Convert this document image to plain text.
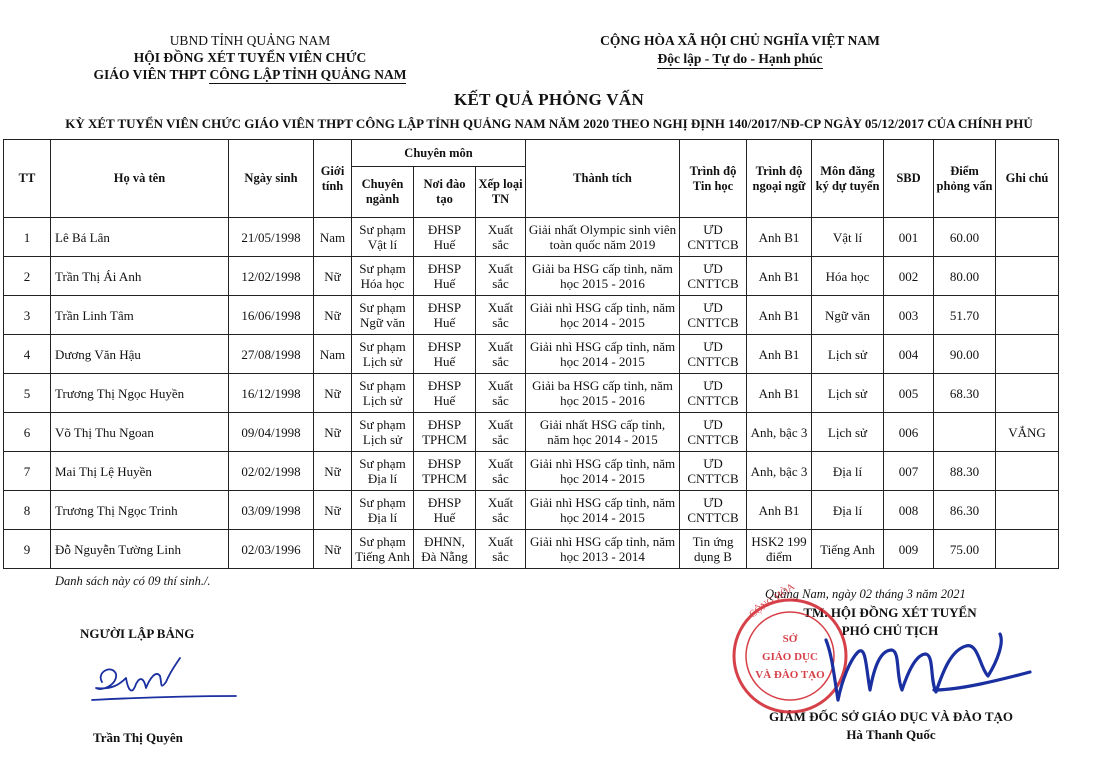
UBND TỈNH QUẢNG NAM
HỘI ĐỒNG XÉT TUYỂN VIÊN CHỨC
GIÁO VIÊN THPT CÔNG LẬP TỈNH QUẢNG NAM
CỘNG HÒA XÃ HỘI CHỦ NGHĨA VIỆT NAM
Độc lập - Tự do - Hạnh phúc
KẾT QUẢ PHỎNG VẤN
KỲ XÉT TUYỂN VIÊN CHỨC GIÁO VIÊN THPT CÔNG LẬP TỈNH QUẢNG NAM NĂM 2020 THEO NGHỊ ĐỊNH 140/2017/NĐ-CP NGÀY 05/12/2017 CỦA CHÍNH PHỦ
TT	Họ và tên	Ngày sinh	Giới tính	Chuyên môn			Thành tích	Trình độ Tin học	Trình độ ngoại ngữ	Môn đăng ký dự tuyển	SBD	Điểm phỏng vấn	Ghi chú
				Chuyên ngành	Nơi đào tạo	Xếp loại TN							
1	Lê Bá Lân	21/05/1998	Nam	Sư phạm Vật lí	ĐHSP Huế	Xuất sắc	Giải nhất Olympic sinh viên toàn quốc năm 2019	ƯD CNTTCB	Anh B1	Vật lí	001	60.00	
2	Trần Thị Ái Anh	12/02/1998	Nữ	Sư phạm Hóa học	ĐHSP Huế	Xuất sắc	Giải ba HSG cấp tỉnh, năm học 2015 - 2016	ƯD CNTTCB	Anh B1	Hóa học	002	80.00	
3	Trần Linh Tâm	16/06/1998	Nữ	Sư phạm Ngữ văn	ĐHSP Huế	Xuất sắc	Giải nhì HSG cấp tỉnh, năm học 2014 - 2015	ƯD CNTTCB	Anh B1	Ngữ văn	003	51.70	
4	Dương Văn Hậu	27/08/1998	Nam	Sư phạm Lịch sử	ĐHSP Huế	Xuất sắc	Giải nhì HSG cấp tỉnh, năm học 2014 - 2015	ƯD CNTTCB	Anh B1	Lịch sử	004	90.00	
5	Trương Thị Ngọc Huyền	16/12/1998	Nữ	Sư phạm Lịch sử	ĐHSP Huế	Xuất sắc	Giải ba HSG cấp tỉnh, năm học 2015 - 2016	ƯD CNTTCB	Anh B1	Lịch sử	005	68.30	
6	Võ Thị Thu Ngoan	09/04/1998	Nữ	Sư phạm Lịch sử	ĐHSP TPHCM	Xuất sắc	Giải nhất HSG cấp tỉnh, năm học 2014 - 2015	ƯD CNTTCB	Anh, bậc 3	Lịch sử	006		VẮNG
7	Mai Thị Lệ Huyền	02/02/1998	Nữ	Sư phạm Địa lí	ĐHSP TPHCM	Xuất sắc	Giải nhì HSG cấp tỉnh, năm học 2014 - 2015	ƯD CNTTCB	Anh, bậc 3	Địa lí	007	88.30	
8	Trương Thị Ngọc Trinh	03/09/1998	Nữ	Sư phạm Địa lí	ĐHSP Huế	Xuất sắc	Giải nhì HSG cấp tỉnh, năm học 2014 - 2015	ƯD CNTTCB	Anh B1	Địa lí	008	86.30	
9	Đỗ Nguyễn Tường Linh	02/03/1996	Nữ	Sư phạm Tiếng Anh	ĐHNN, Đà Nẵng	Xuất sắc	Giải nhì HSG cấp tỉnh, năm học 2013 - 2014	Tin ứng dụng B	HSK2 199 điểm	Tiếng Anh	009	75.00	
Danh sách này có 09 thí sinh./.
Quảng Nam, ngày 02 tháng 3 năm 2021
NGƯỜI LẬP BẢNG
Trần Thị Quyên
TM. HỘI ĐỒNG XÉT TUYỂN
PHÓ CHỦ TỊCH
GIÁM ĐỐC SỞ GIÁO DỤC VÀ ĐÀO TẠO
Hà Thanh Quốc
CỘNG HÒA
SỞ
GIÁO DỤC
VÀ ĐÀO TẠO
